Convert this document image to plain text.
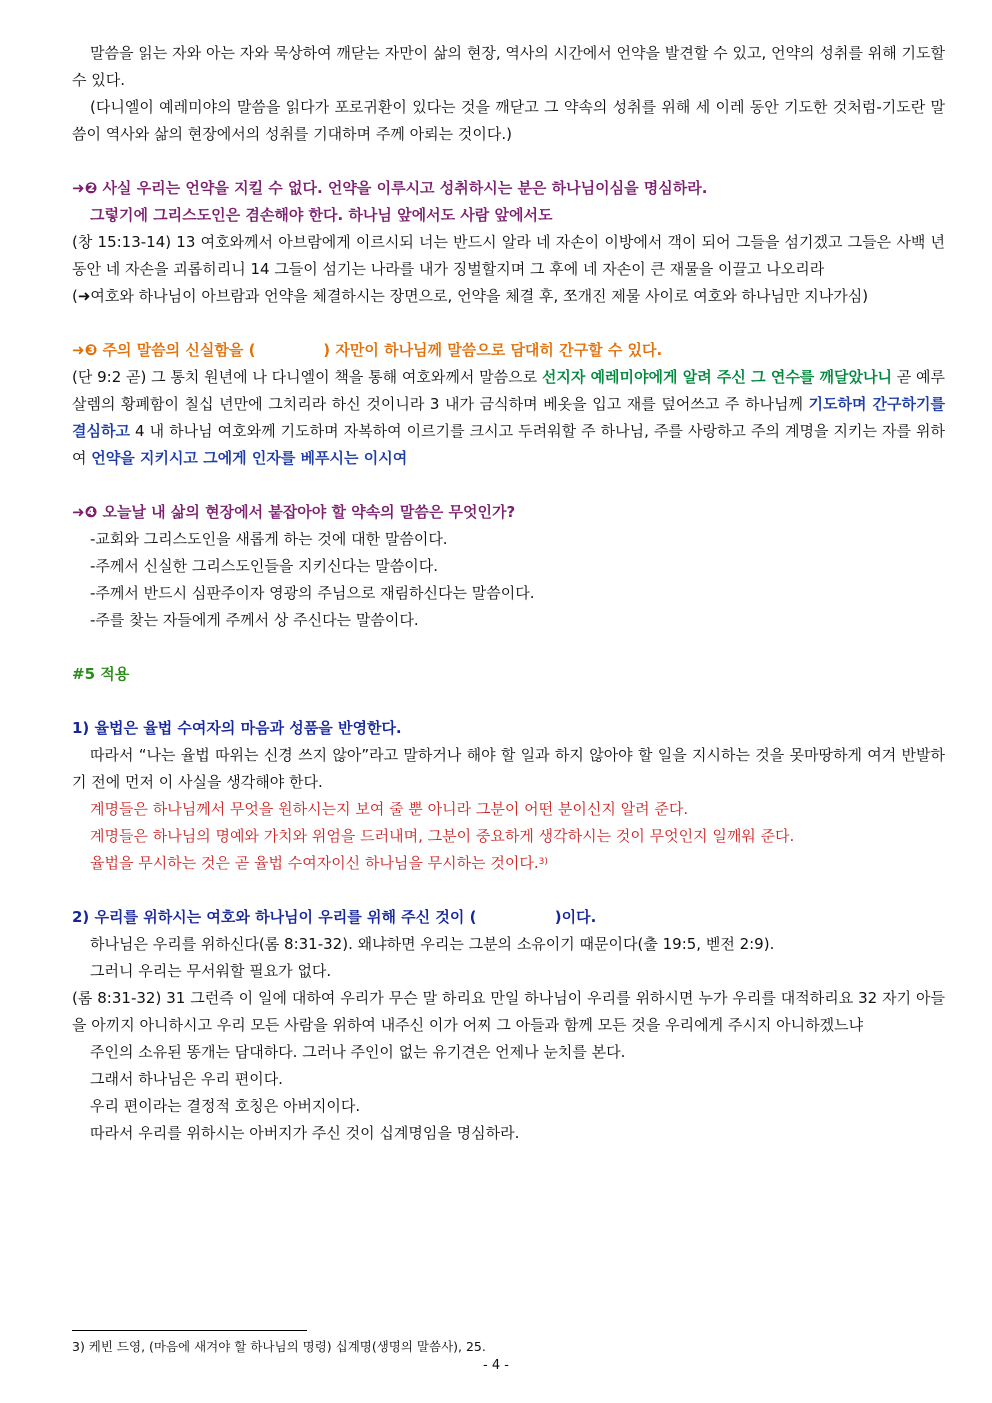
말씀을 읽는 자와 아는 자와 묵상하여 깨닫는 자만이 삶의 현장, 역사의 시간에서 언약을 발견할 수 있고, 언약의 성취를 위해 기도할 수 있다.

(다니엘이 예레미야의 말씀을 읽다가 포로귀환이 있다는 것을 깨닫고 그 약속의 성취를 위해 세 이레 동안 기도한 것처럼-기도란 말씀이 역사와 삶의 현장에서의 성취를 기대하며 주께 아뢰는 것이다.)

➜❷ 사실 우리는 언약을 지킬 수 없다. 언약을 이루시고 성취하시는 분은 하나님이심을 명심하라.

그렇기에 그리스도인은 겸손해야 한다. 하나님 앞에서도 사람 앞에서도

(창 15:13-14) 13 여호와께서 아브람에게 이르시되 너는 반드시 알라 네 자손이 이방에서 객이 되어 그들을 섬기겠고 그들은 사백 년 동안 네 자손을 괴롭히리니 14 그들이 섬기는 나라를 내가 징벌할지며 그 후에 네 자손이 큰 재물을 이끌고 나오리라

(➜여호와 하나님이 아브람과 언약을 체결하시는 장면으로, 언약을 체결 후, 쪼개진 제물 사이로 여호와 하나님만 지나가심)

➜❸ 주의 말씀의 신실함을 (             ) 자만이 하나님께 말씀으로 담대히 간구할 수 있다.

(단 9:2 곧) 그 통치 원년에 나 다니엘이 책을 통해 여호와께서 말씀으로 선지자 예레미야에게 알려 주신 그 연수를 깨달았나니 곧 예루살렘의 황폐함이 칠십 년만에 그치리라 하신 것이니라 3 내가 금식하며 베옷을 입고 재를 덮어쓰고 주 하나님께 기도하며 간구하기를 결심하고 4 내 하나님 여호와께 기도하며 자복하여 이르기를 크시고 두려워할 주 하나님, 주를 사랑하고 주의 계명을 지키는 자를 위하여 언약을 지키시고 그에게 인자를 베푸시는 이시여

➜❹ 오늘날 내 삶의 현장에서 붙잡아야 할 약속의 말씀은 무엇인가?

-교회와 그리스도인을 새롭게 하는 것에 대한 말씀이다.

-주께서 신실한 그리스도인들을 지키신다는 말씀이다.

-주께서 반드시 심판주이자 영광의 주님으로 재림하신다는 말씀이다.

-주를 찾는 자들에게 주께서 상 주신다는 말씀이다.

#5 적용

1) 율법은 율법 수여자의 마음과 성품을 반영한다.

따라서 “나는 율법 따위는 신경 쓰지 않아”라고 말하거나 해야 할 일과 하지 않아야 할 일을 지시하는 것을 못마땅하게 여겨 반발하기 전에 먼저 이 사실을 생각해야 한다.

계명들은 하나님께서 무엇을 원하시는지 보여 줄 뿐 아니라 그분이 어떤 분이신지 알려 준다.

계명들은 하나님의 명예와 가치와 위엄을 드러내며, 그분이 중요하게 생각하시는 것이 무엇인지 일깨워 준다.

율법을 무시하는 것은 곧 율법 수여자이신 하나님을 무시하는 것이다.$^{3)}$

2) 우리를 위하시는 여호와 하나님이 우리를 위해 주신 것이 (               )이다.

하나님은 우리를 위하신다(롬 8:31-32). 왜냐하면 우리는 그분의 소유이기 때문이다(출 19:5, 벧전 2:9).

그러니 우리는 무서워할 필요가 없다.

(롬 8:31-32) 31 그런즉 이 일에 대하여 우리가 무슨 말 하리요 만일 하나님이 우리를 위하시면 누가 우리를 대적하리요 32 자기 아들을 아끼지 아니하시고 우리 모든 사람을 위하여 내주신 이가 어찌 그 아들과 함께 모든 것을 우리에게 주시지 아니하겠느냐

주인의 소유된 똥개는 담대하다. 그러나 주인이 없는 유기견은 언제나 눈치를 본다.

그래서 하나님은 우리 편이다.

우리 편이라는 결정적 호칭은 아버지이다.

따라서 우리를 위하시는 아버지가 주신 것이 십계명임을 명심하라.

3) 케빈 드영, (마음에 새겨야 할 하나님의 명령) 십계명(생명의 말씀사), 25.
- 4 -
